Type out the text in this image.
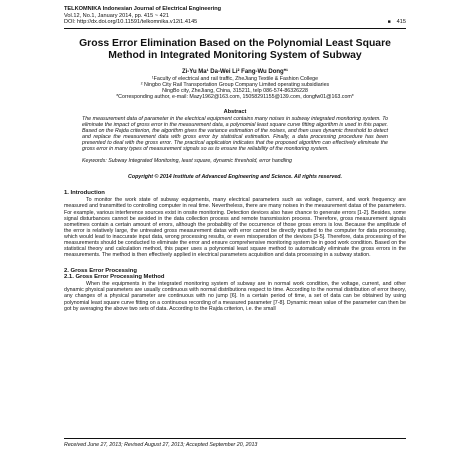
TELKOMNIKA Indonesian Journal of Electrical Engineering
Vol.12, No.1, January 2014, pp. 415 ~ 421
DOI: http://dx.doi.org/10.11591/telkomnika.v12i1.4145	■ 415
Gross Error Elimination Based on the Polynomial Least Square Method in Integrated Monitoring System of Subway
Zi-Yu Ma¹ Da-Wei Li² Fang-Wu Dong*¹
¹Faculty of electrical and rail traffic, ZheJiang Textile & Fashion College
² Ningbo City Rail Transportation Group Company Limited operating subsidiaries
NingBo city, ZheJiang, China, 315211, telp 086-574-86326228
*Corresponding author, e-mail: Mazy1962@163.com, 15058291155@139.com, dongfw01@163.com*
Abstract
The measurement data of parameter in the electrical equipment contains many noises in subway integrated monitoring system. To eliminate the impact of gross error in the measurement data, a polynomial least square curve fitting algorithm is used in this paper. Based on the Rajda criterion, the algorithm gives the variance estimation of the noises, and then uses dynamic threshold to detect and replace the measurement data with gross error by statistical estimation. Finally, a data processing procedure has been presented to deal with the gross error. The practical application indicates that the proposed algorithm can effectively eliminate the gross error in many types of measurement signals so as to ensure the reliability of the monitoring system.
Keywords: Subway Integrated Monitoring, least square, dynamic threshold, error handling
Copyright © 2014 Institute of Advanced Engineering and Science. All rights reserved.
1. Introduction
To monitor the work state of subway equipments, many electrical parameters such as voltage, current, and work frequency are measured and transmitted to controlling computer in real time. Nevertheless, there are many noises in the measurement datas of the parameters. For example, various interference sources exist in onsite monitoring. Detection devices also have chance to generate errors [1-2]. Besides, some signal disturbances cannot be avoided in the data collection process and remote transmission process. Therefore, gross measurement signals sometimes contain a certain amount of errors, although the probability of the occurrence of those gross errors is low. Because the amplitude of the error is relatively large, the untreated gross measurement datas with error cannot be directly inputted to the computer for data processing, which would lead to inaccurate input data, wrong processing results, or even misoperation of the devices [3-5]. Therefore, data processing of the measurements should be conducted to eliminate the error and ensure comprehensive monitoring system be in good work condition. Based on the statistical theory and calculation method, this paper uses a polynomial least square method to automatically eliminate the gross errors in the measurements. The method is then effectively applied in electrical parameters acquisition and data processing in a subway station.
2. Gross Error Processing
2.1. Gross Error Processing Method
When the equipments in the integrated monitoring system of subway are in normal work condition, the voltage, current, and other dynamic physical parameters are usually continuous with normal distributions respect to time. According to the normal distribution of error theory, any changes of a physical parameter are continuous with no jump [6]. In a certain period of time, a set of data can be obtained by using polynomial least square curve fitting on a continuous recording of a measured parameter [7-8]. Dynamic mean value of the parameter can then be got by averaging the above two sets of data. According to the Rajda criterion, i.e. the small
Received June 27, 2013; Revised August 27, 2013; Accepted September 20, 2013
